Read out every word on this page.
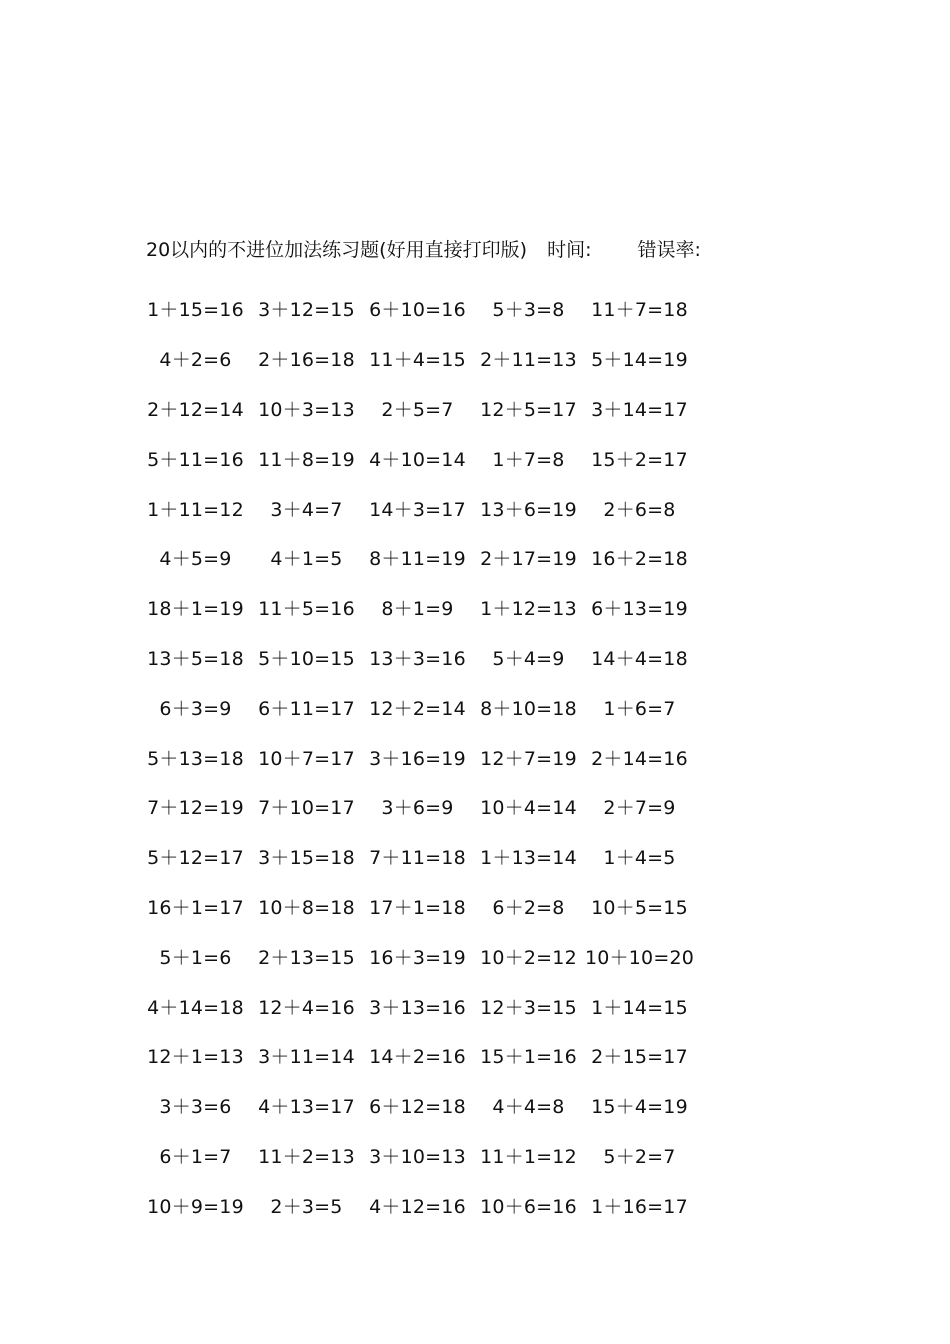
20以内的不进位加法练习题(好用直接打印版) 时间: 错误率:
1＋15=16 3＋12=15 6＋10=16	5＋3=8	11＋7=18
4＋2=6	2＋16=18 11＋4=15 2＋11=13 5＋14=19
2＋12=14 10＋3=13	2＋5=7	12＋5=17 3＋14=17
5＋11=16 11＋8=19 4＋10=14	1＋7=8	15＋2=17
1＋11=12	3＋4=7	14＋3=17 13＋6=19	2＋6=8
4＋5=9	4＋1=5	8＋11=19 2＋17=19 16＋2=18
18＋1=19 11＋5=16	8＋1=9	1＋12=13 6＋13=19
13＋5=18 5＋10=15 13＋3=16	5＋4=9	14＋4=18
6＋3=9	6＋11=17 12＋2=14 8＋10=18	1＋6=7
5＋13=18 10＋7=17 3＋16=19 12＋7=19 2＋14=16
7＋12=19 7＋10=17	3＋6=9	10＋4=14	2＋7=9
5＋12=17 3＋15=18 7＋11=18 1＋13=14	1＋4=5
16＋1=17 10＋8=18 17＋1=18	6＋2=8	10＋5=15
5＋1=6	2＋13=15 16＋3=19 10＋2=12 10＋10=20
4＋14=18 12＋4=16 3＋13=16 12＋3=15 1＋14=15
12＋1=13 3＋11=14 14＋2=16 15＋1=16 2＋15=17
3＋3=6	4＋13=17 6＋12=18	4＋4=8	15＋4=19
6＋1=7	11＋2=13 3＋10=13 11＋1=12	5＋2=7
10＋9=19	2＋3=5	4＋12=16 10＋6=16 1＋16=17
